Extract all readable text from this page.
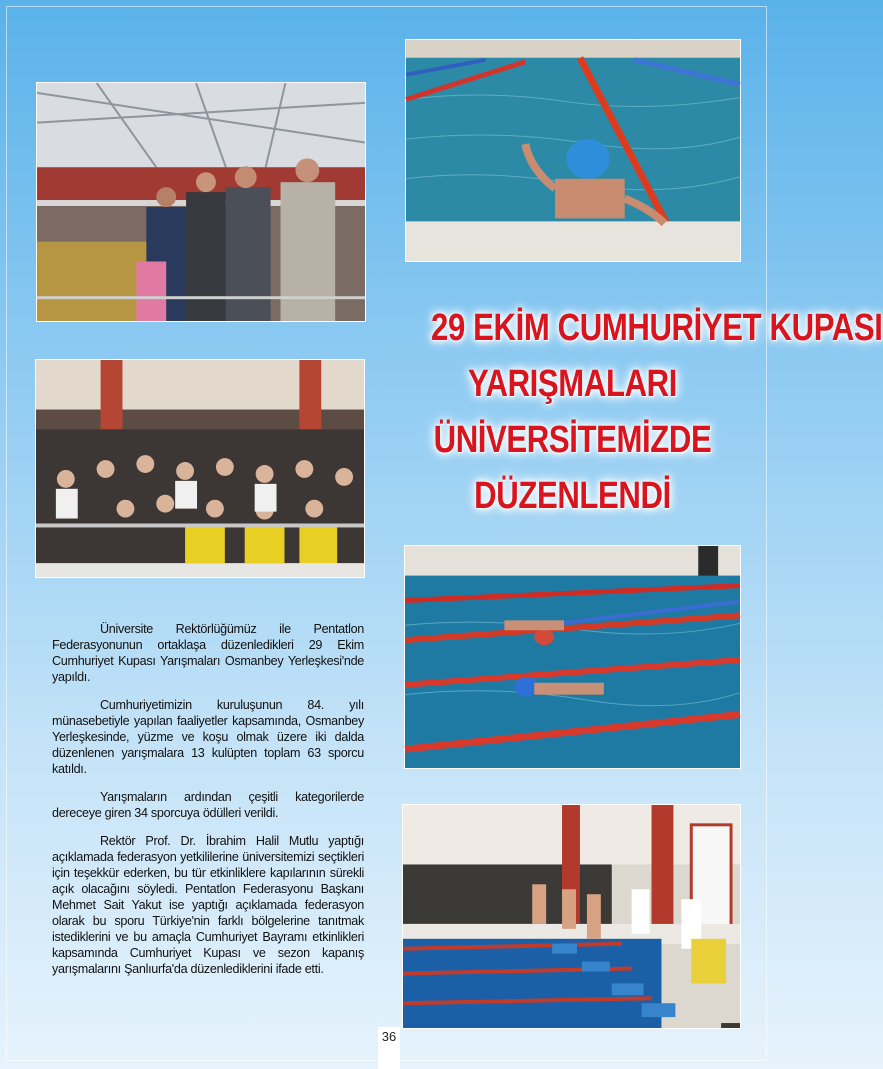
29 EKİM CUMHURİYET KUPASI
YARIŞMALARI
ÜNİVERSİTEMİZDE
DÜZENLENDİ

Üniversite Rektörlüğümüz ile Pentatlon Federasyonunun ortaklaşa düzenledikleri 29 Ekim Cumhuriyet Kupası Yarışmaları Osmanbey Yerleşkesi'nde yapıldı.

Cumhuriyetimizin kuruluşunun 84. yılı münasebetiyle yapılan faaliyetler kapsamında, Osmanbey Yerleşkesinde, yüzme ve koşu olmak üzere iki dalda düzenlenen yarışmalara 13 kulüpten toplam 63 sporcu katıldı.

Yarışmaların ardından çeşitli kategorilerde dereceye giren 34 sporcuya ödülleri verildi.

Rektör Prof. Dr. İbrahim Halil Mutlu yaptığı açıklamada federasyon yetkililerine üniversitemizi seçtikleri için teşekkür ederken, bu tür etkinliklere kapılarının sürekli açık olacağını söyledi. Pentatlon Federasyonu Başkanı Mehmet Sait Yakut ise yaptığı açıklamada federasyon olarak bu sporu Türkiye'nin farklı bölgelerine tanıtmak istediklerini ve bu amaçla Cumhuriyet Bayramı etkinlikleri kapsamında Cumhuriyet Kupası ve sezon kapanış yarışmalarını Şanlıurfa'da düzenlediklerini ifade etti.

36
